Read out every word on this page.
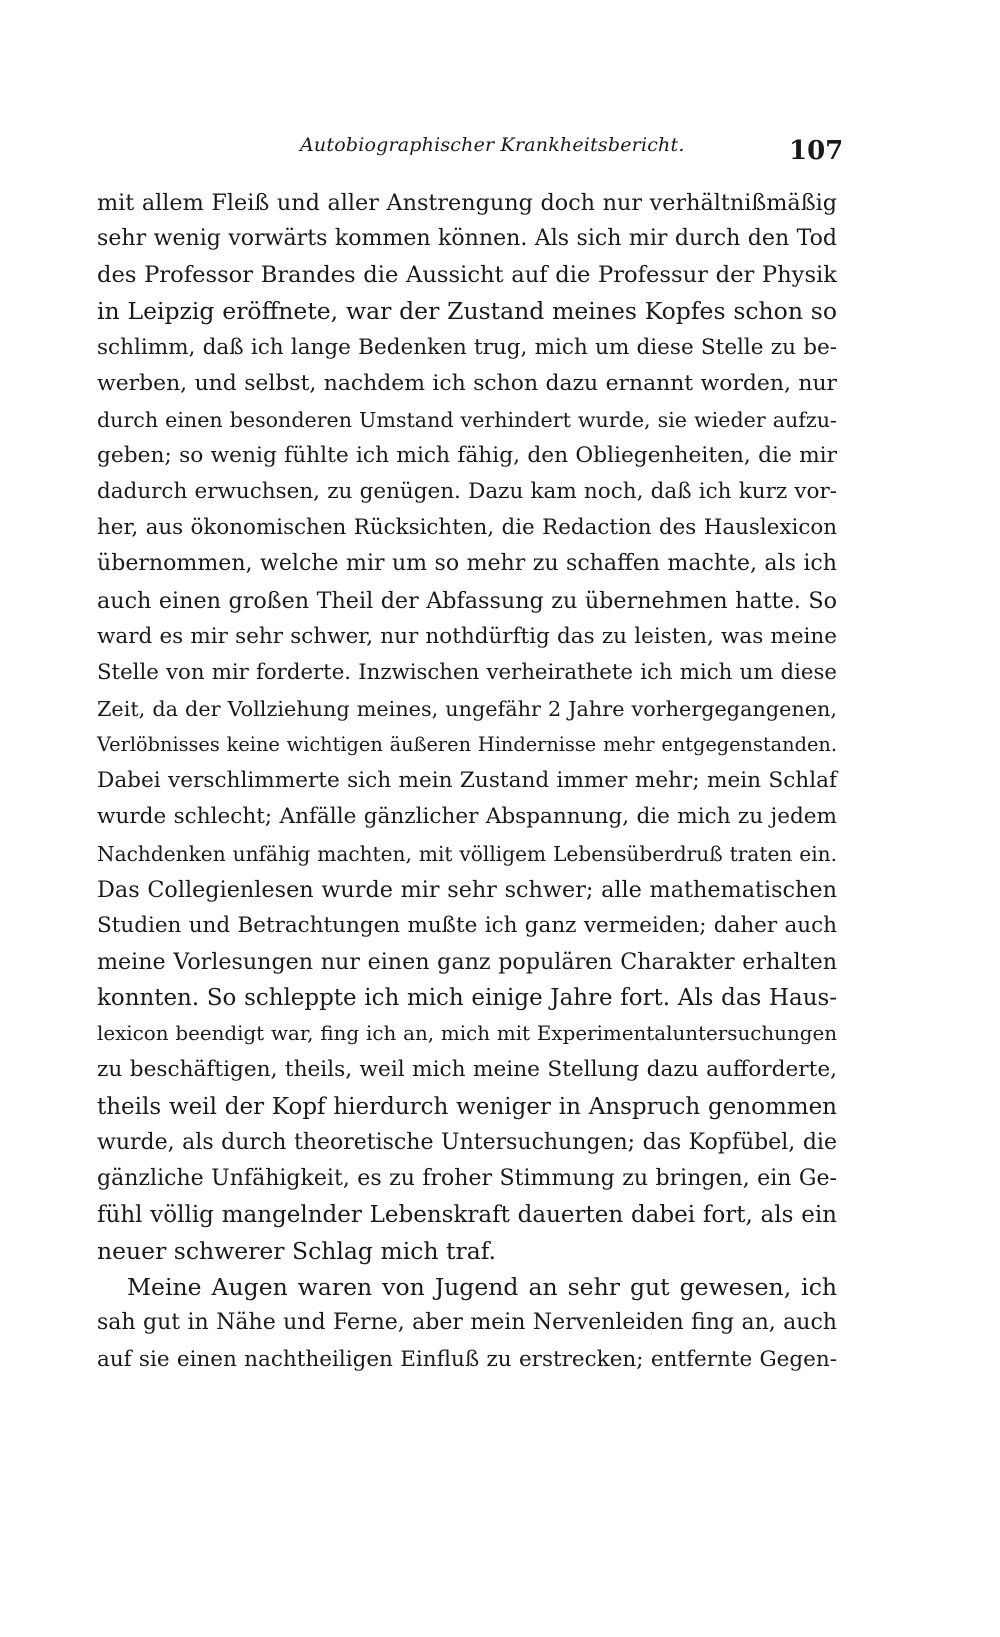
Autobiographischer Krankheitsbericht.	107
mit allem Fleiß und aller Anstrengung doch nur verhältnißmäßig
sehr wenig vorwärts kommen können. Als sich mir durch den Tod
des Professor Brandes die Aussicht auf die Professur der Physik
in Leipzig eröffnete, war der Zustand meines Kopfes schon so
schlimm, daß ich lange Bedenken trug, mich um diese Stelle zu be-
werben, und selbst, nachdem ich schon dazu ernannt worden, nur
durch einen besonderen Umstand verhindert wurde, sie wieder aufzu-
geben; so wenig fühlte ich mich fähig, den Obliegenheiten, die mir
dadurch erwuchsen, zu genügen. Dazu kam noch, daß ich kurz vor-
her, aus ökonomischen Rücksichten, die Redaction des Hauslexicon
übernommen, welche mir um so mehr zu schaffen machte, als ich
auch einen großen Theil der Abfassung zu übernehmen hatte. So
ward es mir sehr schwer, nur nothdürftig das zu leisten, was meine
Stelle von mir forderte. Inzwischen verheirathete ich mich um diese
Zeit, da der Vollziehung meines, ungefähr 2 Jahre vorhergegangenen,
Verlöbnisses keine wichtigen äußeren Hindernisse mehr entgegenstanden.
Dabei verschlimmerte sich mein Zustand immer mehr; mein Schlaf
wurde schlecht; Anfälle gänzlicher Abspannung, die mich zu jedem
Nachdenken unfähig machten, mit völligem Lebensüberdruß traten ein.
Das Collegienlesen wurde mir sehr schwer; alle mathematischen
Studien und Betrachtungen mußte ich ganz vermeiden; daher auch
meine Vorlesungen nur einen ganz populären Charakter erhalten
konnten. So schleppte ich mich einige Jahre fort. Als das Haus-
lexicon beendigt war, fing ich an, mich mit Experimentaluntersuchungen
zu beschäftigen, theils, weil mich meine Stellung dazu aufforderte,
theils weil der Kopf hierdurch weniger in Anspruch genommen
wurde, als durch theoretische Untersuchungen; das Kopfübel, die
gänzliche Unfähigkeit, es zu froher Stimmung zu bringen, ein Ge-
fühl völlig mangelnder Lebenskraft dauerten dabei fort, als ein
neuer schwerer Schlag mich traf.
Meine Augen waren von Jugend an sehr gut gewesen, ich
sah gut in Nähe und Ferne, aber mein Nervenleiden fing an, auch
auf sie einen nachtheiligen Einfluß zu erstrecken; entfernte Gegen-
